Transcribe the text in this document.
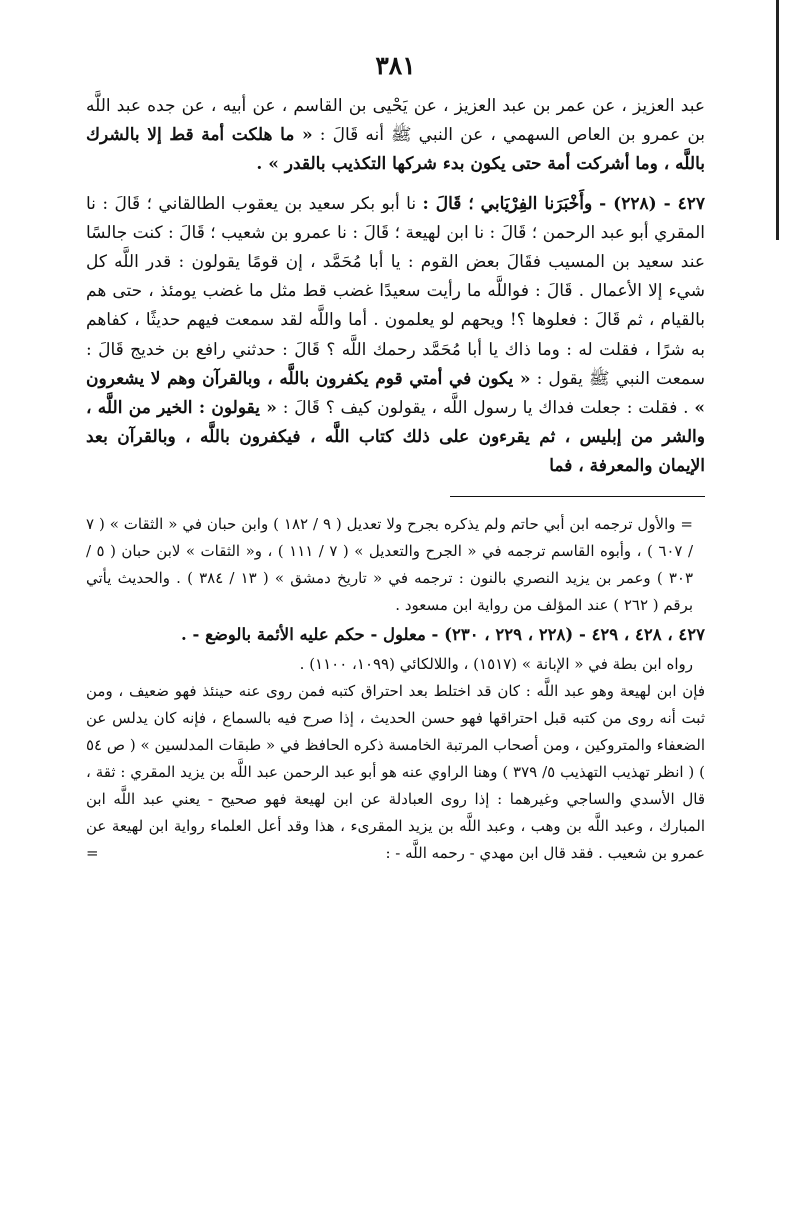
٣٨١

عبد العزيز ، عن عمر بن عبد العزيز ، عن يَحْيى بن القاسم ، عن أبيه ، عن جده عبد اللَّه بن عمرو بن العاص السهمي ، عن النبي ﷺ أنه قَالَ : « ما هلكت أمة قط إلا بالشرك باللَّه ، وما أشركت أمة حتى يكون بدء شركها التكذيب بالقدر » .

٤٢٧ - (٢٢٨) - وأَخْبَرَنا الفِرْيَابي ؛ قَالَ : نا أبو بكر سعيد بن يعقوب الطالقاني ؛ قَالَ : نا المقري أبو عبد الرحمن ؛ قَالَ : نا ابن لهيعة ؛ قَالَ : نا عمرو بن شعيب ؛ قَالَ : كنت جالسًا عند سعيد بن المسيب فقَالَ بعض القوم : يا أبا مُحَمَّد ، إن قومًا يقولون : قدر اللَّه كل شيء إلا الأعمال . قَالَ : فواللَّه ما رأيت سعيدًا غضب قط مثل ما غضب يومئذ ، حتى هم بالقيام ، ثم قَالَ : فعلوها ؟! ويحهم لو يعلمون . أما واللَّه لقد سمعت فيهم حديثًا ، كفاهم به شرًا ، فقلت له : وما ذاك يا أبا مُحَمَّد رحمك اللَّه ؟ قَالَ : حدثني رافع بن خديج قَالَ : سمعت النبي ﷺ يقول : « يكون في أمتي قوم يكفرون باللَّه ، وبالقرآن وهم لا يشعرون » . فقلت : جعلت فداك يا رسول اللَّه ، يقولون كيف ؟ قَالَ : « يقولون : الخير من اللَّه ، والشر من إبليس ، ثم يقرءون على ذلك كتاب اللَّه ، فيكفرون باللَّه ، وبالقرآن بعد الإيمان والمعرفة ، فما

= والأول ترجمه ابن أبي حاتم ولم يذكره بجرح ولا تعديل ( ٩ / ١٨٢ ) وابن حبان في « الثقات » ( ٧ / ٦٠٧ ) ، وأبوه القاسم ترجمه في « الجرح والتعديل » ( ٧ / ١١١ ) ، و« الثقات » لابن حبان ( ٥ / ٣٠٣ ) وعمر بن يزيد النصري بالنون : ترجمه في « تاريخ دمشق » ( ١٣ / ٣٨٤ ) . والحديث يأتي برقم ( ٢٦٢ ) عند المؤلف من رواية ابن مسعود .

٤٢٧ ، ٤٢٨ ، ٤٢٩ - (٢٢٨ ، ٢٢٩ ، ٢٣٠) - معلول - حكم عليه الأئمة بالوضع - .

رواه ابن بطة في « الإبانة » (١٥١٧) ، واللالكائي (١٠٩٩، ١١٠٠) .

فإن ابن لهيعة وهو عبد اللَّه : كان قد اختلط بعد احتراق كتبه فمن روى عنه حينئذ فهو ضعيف ، ومن ثبت أنه روى من كتبه قبل احتراقها فهو حسن الحديث ، إذا صرح فيه بالسماع ، فإنه كان يدلس عن الضعفاء والمتروكين ، ومن أصحاب المرتبة الخامسة ذكره الحافظ في « طبقات المدلسين » ( ص ٥٤ ) ( انظر تهذيب التهذيب ٥/ ٣٧٩ ) وهنا الراوي عنه هو أبو عبد الرحمن عبد اللَّه بن يزيد المقري : ثقة ، قال الأسدي والساجي وغيرهما : إذا روى العبادلة عن ابن لهيعة فهو صحيح - يعني عبد اللَّه ابن المبارك ، وعبد اللَّه بن وهب ، وعبد اللَّه بن يزيد المقرىء ، هذا وقد أعل العلماء رواية ابن لهيعة عن عمرو بن شعيب . فقد قال ابن مهدي - رحمه اللَّه - :
=
